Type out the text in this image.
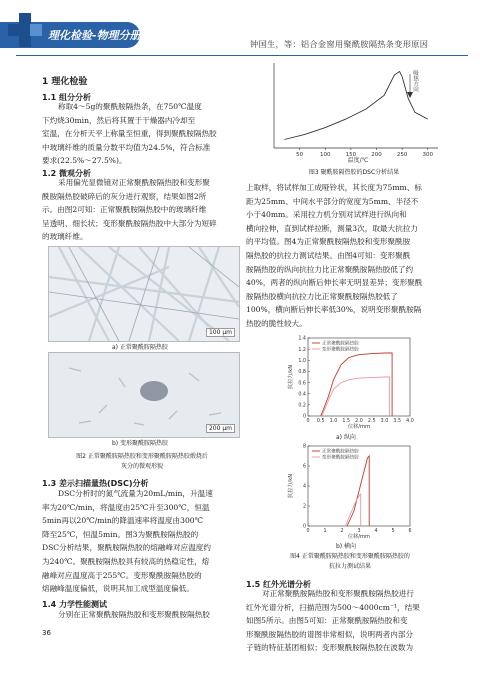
理化检验-物理分册
钟国生，等：铝合金窗用聚酰胺隔热条变形原因
1 理化检验
1.1 组分分析
称取4～5g的聚酰胺隔热条，在750℃温度
下灼烧30min，然后将其置于干燥器内冷却至
室温，在分析天平上称量至恒重，得到聚酰胺隔热胶
中玻璃纤维的质量分数平均值为24.5%，符合标准
要求(22.5%～27.5%)。
1.2 微观分析
采用偏光显微镜对正常聚酰胺隔热胶和变形聚
酰胺隔热胶破碎后的灰分进行观察，结果如图2所
示。由图2可知：正常聚酰胺隔热胶中的玻璃纤维
呈透明、细长状；变形聚酰胺隔热胶中大部分为短碎
的玻璃纤维。
100 μm
a) 正常聚酰胺隔热胶
200 μm
b) 变形聚酰胺隔热胶
图2 正常聚酰胺隔热胶和变形聚酰胺隔热胶煅烧后
灰分的微观形貌
1.3 差示扫描量热(DSC)分析
DSC分析时的氮气流量为20mL/min，升温速
率为20℃/min，将温度由25℃升至300℃，恒温
5min再以20℃/min的降温速率将温度由300℃
降至25℃，恒温5min。图3为聚酰胺隔热胶的
DSC分析结果，聚酰胺隔热胶的熔融峰对应温度约
为240℃。聚酰胺隔热胶具有较高的热稳定性，熔
融峰对应温度高于255℃。变形聚酰胺隔热胶的
熔融峰温度偏低，说明其加工成型温度偏低。
1.4 力学性能测试
分别在正常聚酰胺隔热胶和变形聚酰胺隔热胶
36
50	100	150	200	250	300
吸热方向
温度/℃
图3 聚酰胺隔热胶的DSC分析结果
上取样，将试样加工成哑铃状，其长度为75mm、标
距为25mm、中间水平部分的宽度为5mm、半径不
小于40mm。采用拉力机分别对试样进行纵向和
横向拉伸，直到试样拉断，测量3次，取最大抗拉力
的平均值。图4为正常聚酰胺隔热胶和变形聚酰胺
隔热胶的抗拉力测试结果。由图4可知：变形聚酰
胺隔热胶的纵向抗拉力比正常聚酰胺隔热胶低了约
40%，两者的纵向断后伸长率无明显差异；变形聚酰
胺隔热胶横向抗拉力比正常聚酰胺隔热胶低了
100%，横向断后伸长率低30%，说明变形聚酰胺隔
热胶的脆性较大。
0 0.5 1.0 1.5 2.0 2.5 3.0 3.5 4.0
0
0.2
0.4
0.6
0.8
1.0
1.2
1.4
位移/mm
抗拉力/kN
正常聚酰胺隔热胶
变形聚酰胺隔热胶
a) 纵向
0	1	2	3	4	5	6
0
2
4
6
8
位移/mm
抗拉力/kN
正常聚酰胺隔热胶
变形聚酰胺隔热胶
b) 横向
图4 正常聚酰胺隔热胶和变形聚酰胺隔热胶的
抗拉力测试结果
1.5 红外光谱分析
对正常聚酰胺隔热胶和变形聚酰胺隔热胶进行
红外光谱分析，扫描范围为500～4000cm⁻¹，结果
如图5所示。由图5可知：正常聚酰胺隔热胶和变
形聚酰胺隔热胶的谱图非常相似，说明两者内部分
子链的特征基团相似；变形聚酰胺隔热胶在波数为
